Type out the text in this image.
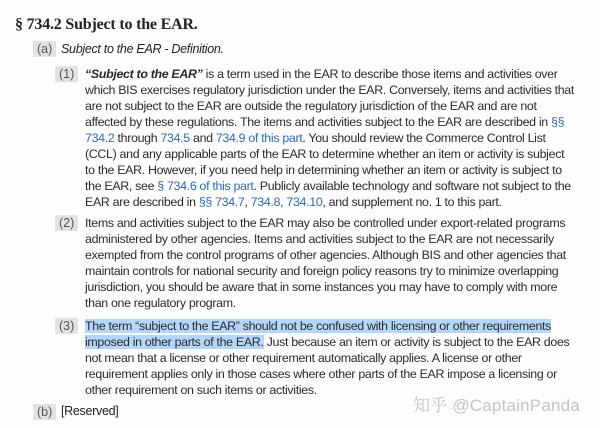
§ 734.2 Subject to the EAR.
(a) Subject to the EAR - Definition.
(1) “Subject to the EAR” is a term used in the EAR to describe those items and activities over
which BIS exercises regulatory jurisdiction under the EAR. Conversely, items and activities that
are not subject to the EAR are outside the regulatory jurisdiction of the EAR and are not
affected by these regulations. The items and activities subject to the EAR are described in §§
734.2 through 734.5 and 734.9 of this part. You should review the Commerce Control List
(CCL) and any applicable parts of the EAR to determine whether an item or activity is subject
to the EAR. However, if you need help in determining whether an item or activity is subject to
the EAR, see § 734.6 of this part. Publicly available technology and software not subject to the
EAR are described in §§ 734.7, 734.8, 734.10, and supplement no. 1 to this part.
(2) Items and activities subject to the EAR may also be controlled under export-related programs
administered by other agencies. Items and activities subject to the EAR are not necessarily
exempted from the control programs of other agencies. Although BIS and other agencies that
maintain controls for national security and foreign policy reasons try to minimize overlapping
jurisdiction, you should be aware that in some instances you may have to comply with more
than one regulatory program.
(3) The term “subject to the EAR” should not be confused with licensing or other requirements
imposed in other parts of the EAR. Just because an item or activity is subject to the EAR does
not mean that a license or other requirement automatically applies. A license or other
requirement applies only in those cases where other parts of the EAR impose a licensing or
other requirement on such items or activities.
(b) [Reserved]	知乎 @CaptainPanda
